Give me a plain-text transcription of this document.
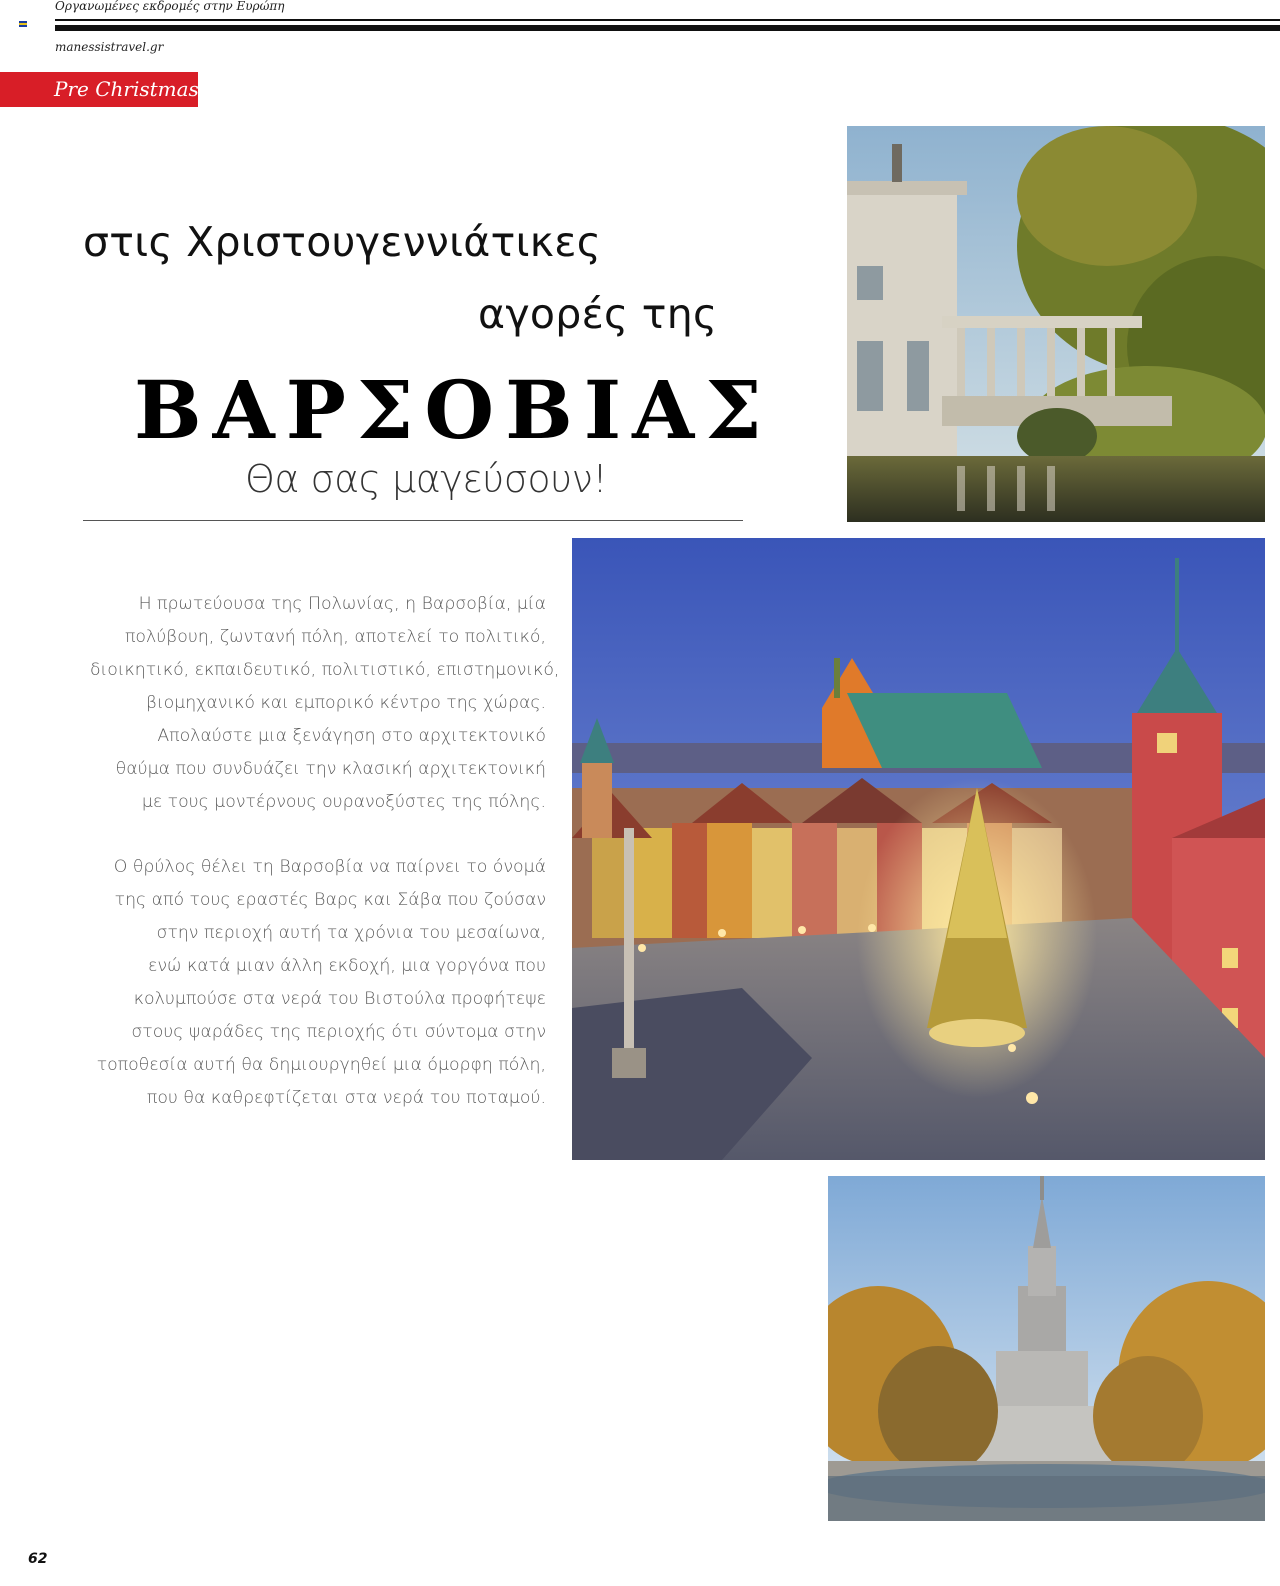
Οργανωμένες εκδρομές στην Ευρώπη
manessistravel.gr
Pre Christmas
στις Χριστουγεννιάτικες
αγορές της
ΒΑΡΣΟΒΙΑΣ
Θα σας μαγεύσουν!
Η πρωτεύουσα της Πολωνίας, η Βαρσοβία, μία
πολύβουη, ζωντανή πόλη, αποτελεί το πολιτικό,
διοικητικό, εκπαιδευτικό, πολιτιστικό, επιστημονικό,
βιομηχανικό και εμπορικό κέντρο της χώρας.
Απολαύστε μια ξενάγηση στο αρχιτεκτονικό
θαύμα που συνδυάζει την κλασική αρχιτεκτονική
με τους μοντέρνους ουρανοξύστες της πόλης.
Ο θρύλος θέλει τη Βαρσοβία να παίρνει το όνομά
της από τους εραστές Βαρς και Σάβα που ζούσαν
στην περιοχή αυτή τα χρόνια του μεσαίωνα,
ενώ κατά μιαν άλλη εκδοχή, μια γοργόνα που
κολυμπούσε στα νερά του Βιστούλα προφήτεψε
στους ψαράδες της περιοχής ότι σύντομα στην
τοποθεσία αυτή θα δημιουργηθεί μια όμορφη πόλη,
που θα καθρεφτίζεται στα νερά του ποταμού.
62
